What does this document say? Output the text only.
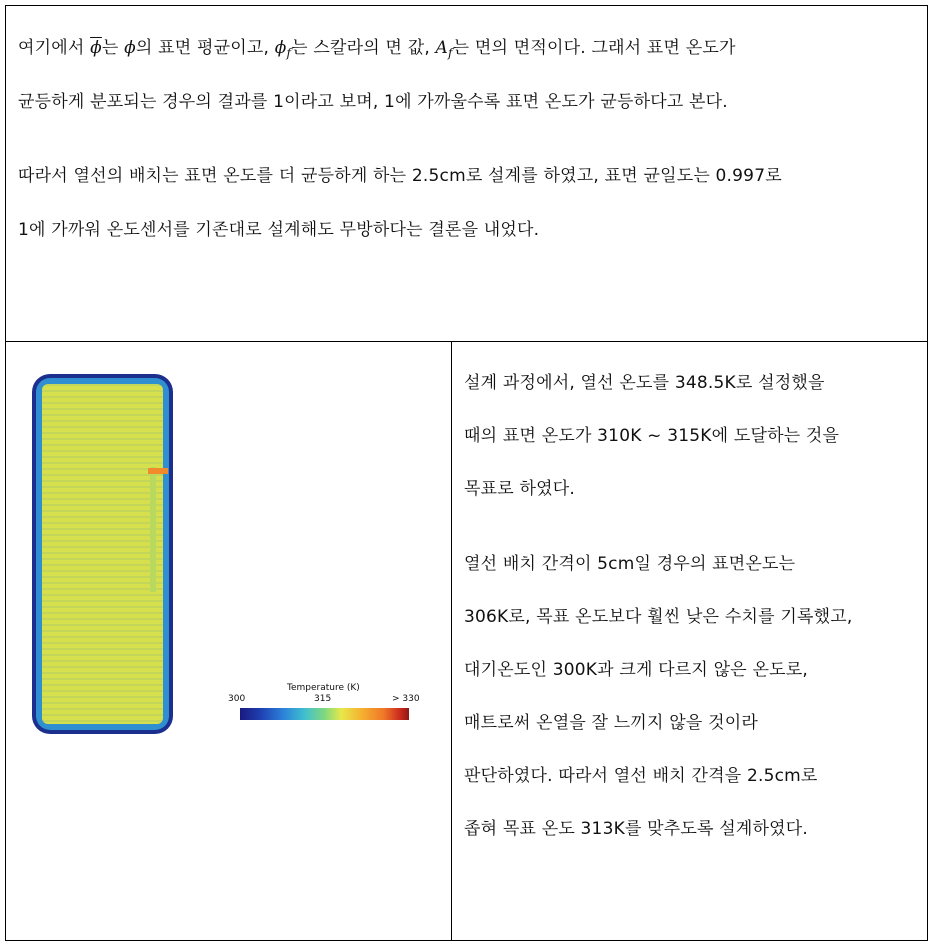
여기에서 $\overline{\phi}$는 ϕ의 표면 평균이고, $\phi_f$는 스칼라의 면 값, $A_f$는 면의 면적이다. 그래서 표면 온도가
균등하게 분포되는 경우의 결과를 1이라고 보며, 1에 가까울수록 표면 온도가 균등하다고 본다.
따라서 열선의 배치는 표면 온도를 더 균등하게 하는 2.5cm로 설계를 하였고, 표면 균일도는 0.997로
1에 가까워 온도센서를 기존대로 설계해도 무방하다는 결론을 내었다.
Temperature (K)
300	315	> 330
설계 과정에서, 열선 온도를 348.5K로 설정했을
때의 표면 온도가 310K ~ 315K에 도달하는 것을
목표로 하였다.
열선 배치 간격이 5cm일 경우의 표면온도는
306K로, 목표 온도보다 훨씬 낮은 수치를 기록했고,
대기온도인 300K과 크게 다르지 않은 온도로,
매트로써 온열을 잘 느끼지 않을 것이라
판단하였다. 따라서 열선 배치 간격을 2.5cm로
좁혀 목표 온도 313K를 맞추도록 설계하였다.
